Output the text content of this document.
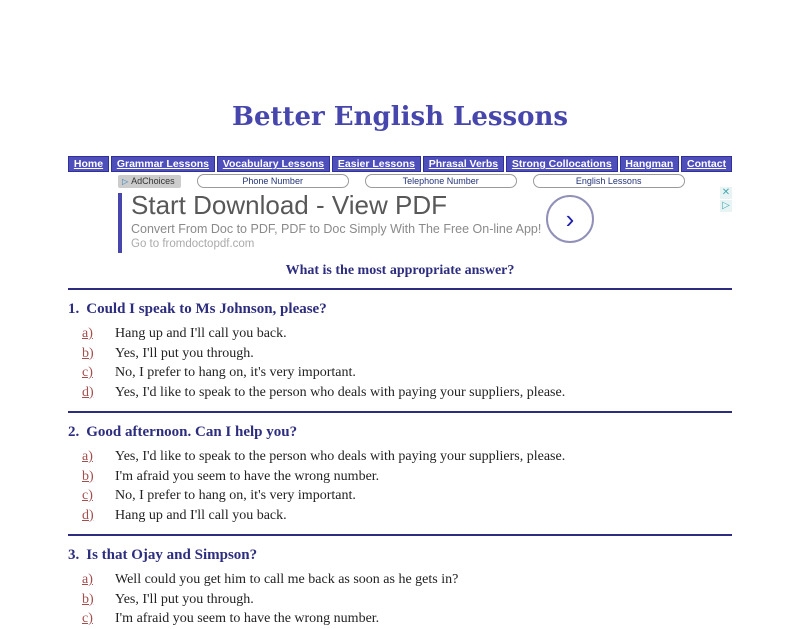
Better English Lessons
Home	Grammar Lessons	Vocabulary Lessons	Easier Lessons	Phrasal Verbs	Strong Collocations	Hangman	Contact
▷ AdChoices	Phone Number	Telephone Number	English Lessons
Start Download - View PDF
Convert From Doc to PDF, PDF to Doc Simply With The Free On-line App!
Go to fromdoctopdf.com
›
✕
▷
What is the most appropriate answer?
1. Could I speak to Ms Johnson, please?
a)	Hang up and I'll call you back.
b)	Yes, I'll put you through.
c)	No, I prefer to hang on, it's very important.
d)	Yes, I'd like to speak to the person who deals with paying your suppliers, please.
2. Good afternoon. Can I help you?
a)	Yes, I'd like to speak to the person who deals with paying your suppliers, please.
b)	I'm afraid you seem to have the wrong number.
c)	No, I prefer to hang on, it's very important.
d)	Hang up and I'll call you back.
3. Is that Ojay and Simpson?
a)	Well could you get him to call me back as soon as he gets in?
b)	Yes, I'll put you through.
c)	I'm afraid you seem to have the wrong number.
